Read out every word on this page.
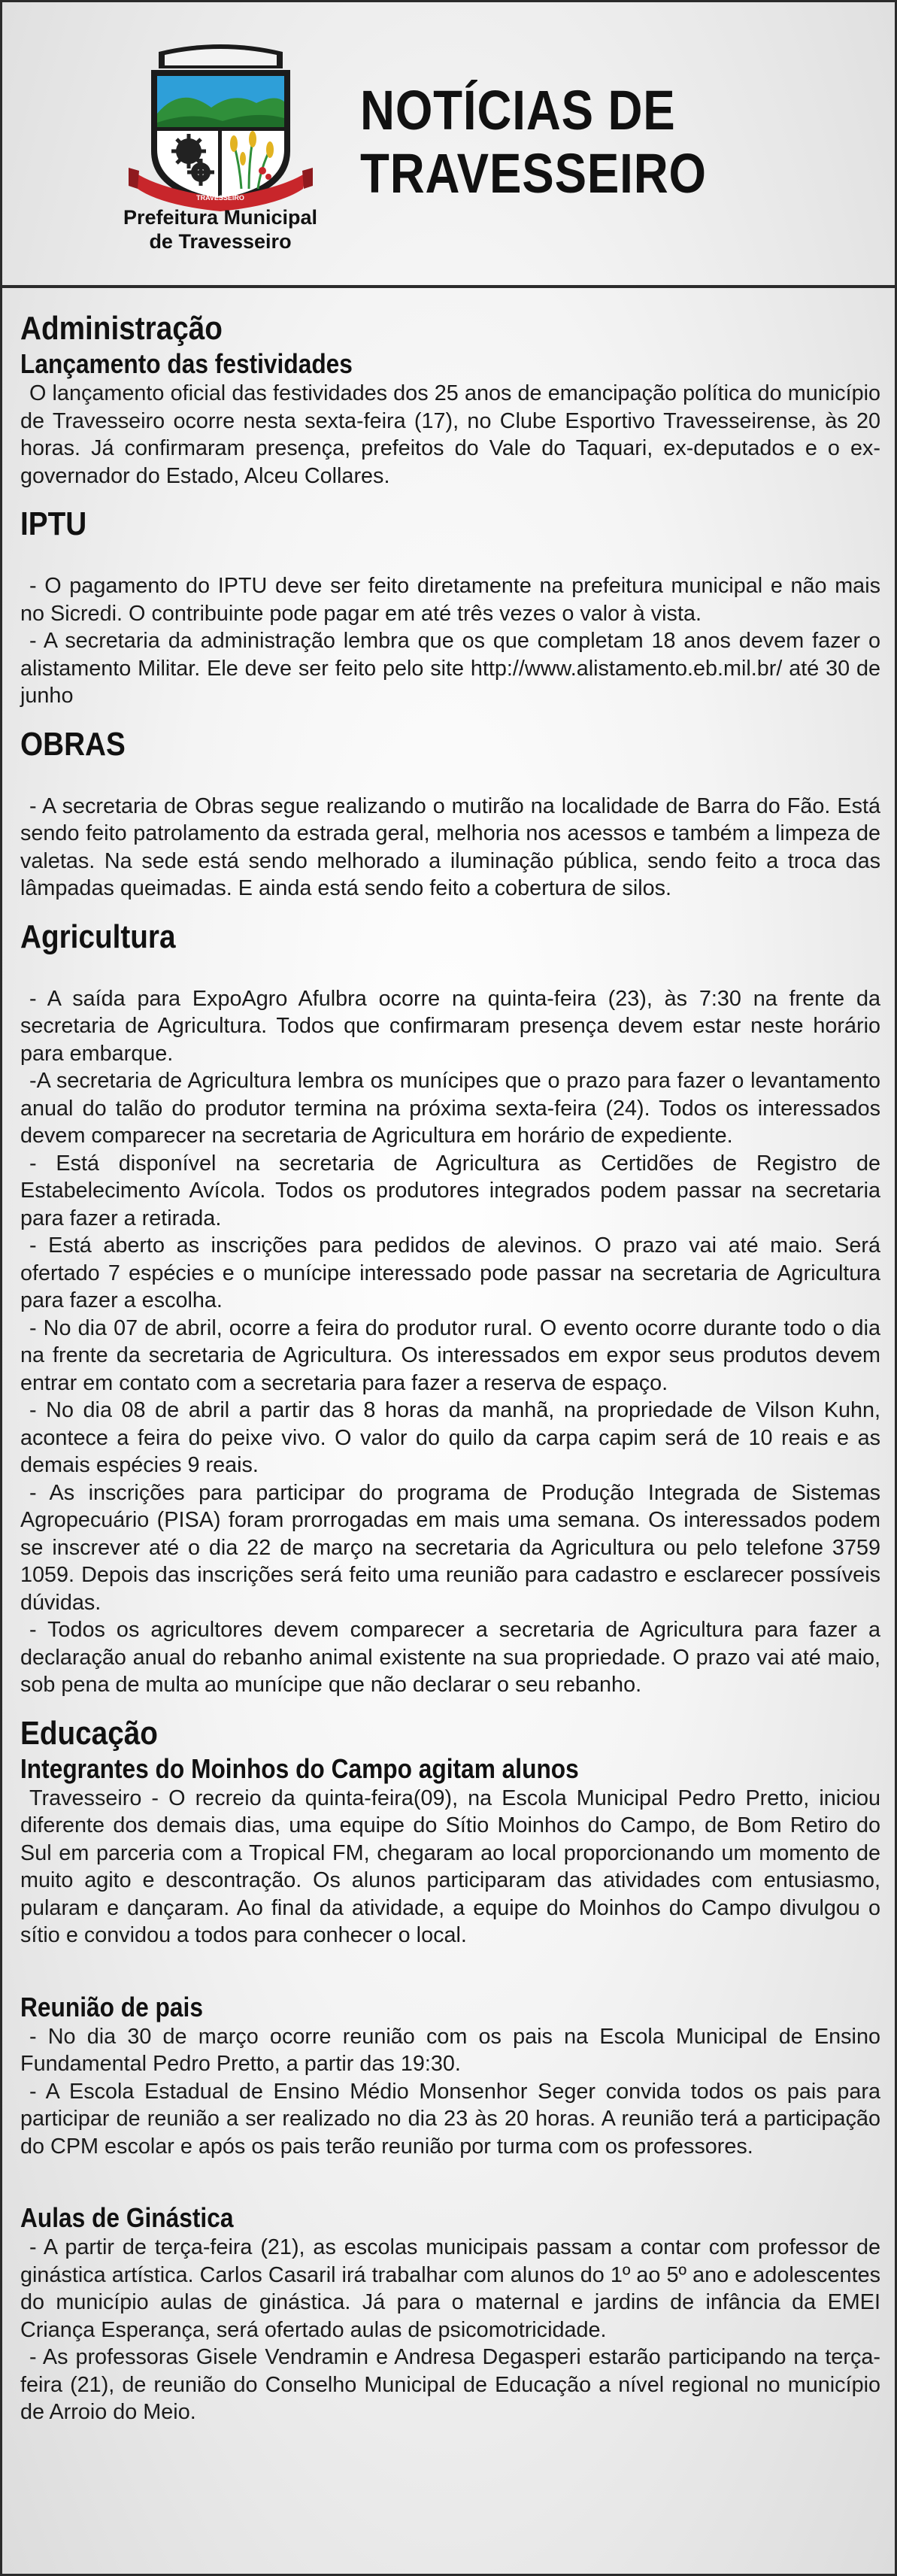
TRAVESSEIRO
Prefeitura Municipal
de Travesseiro
NOTÍCIAS DE
TRAVESSEIRO
Administração
Lançamento das festividades

O lançamento oficial das festividades dos 25 anos de emancipação política do município de Travesseiro ocorre nesta sexta-feira (17), no Clube Esportivo Travesseirense, às 20 horas. Já confirmaram presença, prefeitos do Vale do Taquari, ex-deputados e o ex-governador do Estado, Alceu Collares.

IPTU

- O pagamento do IPTU deve ser feito diretamente na prefeitura municipal e não mais no Sicredi. O contribuinte pode pagar em até três vezes o valor à vista.

- A secretaria da administração lembra que os que completam 18 anos devem fazer o alistamento Militar. Ele deve ser feito pelo site http://www.alistamento.eb.mil.br/ até 30 de junho

OBRAS

- A secretaria de Obras segue realizando o mutirão na localidade de Barra do Fão. Está sendo feito patrolamento da estrada geral, melhoria nos acessos e também a limpeza de valetas. Na sede está sendo melhorado a iluminação pública, sendo feito a troca das lâmpadas queimadas. E ainda está sendo feito a cobertura de silos.

Agricultura

- A saída para ExpoAgro Afulbra ocorre na quinta-feira (23), às 7:30 na frente da secretaria de Agricultura. Todos que confirmaram presença devem estar neste horário para embarque.

-A secretaria de Agricultura lembra os munícipes que o prazo para fazer o levantamento anual do talão do produtor termina na próxima sexta-feira (24). Todos os interessados devem comparecer na secretaria de Agricultura em horário de expediente.

- Está disponível na secretaria de Agricultura as Certidões de Registro de Estabelecimento Avícola. Todos os produtores integrados podem passar na secretaria para fazer a retirada.

- Está aberto as inscrições para pedidos de alevinos. O prazo vai até maio. Será ofertado 7 espécies e o munícipe interessado pode passar na secretaria de Agricultura para fazer a escolha.

- No dia 07 de abril, ocorre a feira do produtor rural. O evento ocorre durante todo o dia na frente da secretaria de Agricultura. Os interessados em expor seus produtos devem entrar em contato com a secretaria para fazer a reserva de espaço.

- No dia 08 de abril a partir das 8 horas da manhã, na propriedade de Vilson Kuhn, acontece a feira do peixe vivo. O valor do quilo da carpa capim será de 10 reais e as demais espécies 9 reais.

- As inscrições para participar do programa de Produção Integrada de Sistemas Agropecuário (PISA) foram prorrogadas em mais uma semana. Os interessados podem se inscrever até o dia 22 de março na secretaria da Agricultura ou pelo telefone 3759 1059. Depois das inscrições será feito uma reunião para cadastro e esclarecer possíveis dúvidas.

- Todos os agricultores devem comparecer a secretaria de Agricultura para fazer a declaração anual do rebanho animal existente na sua propriedade. O prazo vai até maio, sob pena de multa ao munícipe que não declarar o seu rebanho.

Educação
Integrantes do Moinhos do Campo agitam alunos

Travesseiro - O recreio da quinta-feira(09), na Escola Municipal Pedro Pretto, iniciou diferente dos demais dias, uma equipe do Sítio Moinhos do Campo, de Bom Retiro do Sul em parceria com a Tropical FM, chegaram ao local proporcionando um momento de muito agito e descontração. Os alunos participaram das atividades com entusiasmo, pularam e dançaram. Ao final da atividade, a equipe do Moinhos do Campo divulgou o sítio e convidou a todos para conhecer o local.

Reunião de pais

- No dia 30 de março ocorre reunião com os pais na Escola Municipal de Ensino Fundamental Pedro Pretto, a partir das 19:30.

- A Escola Estadual de Ensino Médio Monsenhor Seger convida todos os pais para participar de reunião a ser realizado no dia 23 às 20 horas. A reunião terá a participação do CPM escolar e após os pais terão reunião por turma com os professores.

Aulas de Ginástica

- A partir de terça-feira (21), as escolas municipais passam a contar com professor de ginástica artística. Carlos Casaril irá trabalhar com alunos do 1º ao 5º ano e adolescentes do município aulas de ginástica. Já para o maternal e jardins de infância da EMEI Criança Esperança, será ofertado aulas de psicomotricidade.

- As professoras Gisele Vendramin e Andresa Degasperi estarão participando na terça-feira (21), de reunião do Conselho Municipal de Educação a nível regional no município de Arroio do Meio.
